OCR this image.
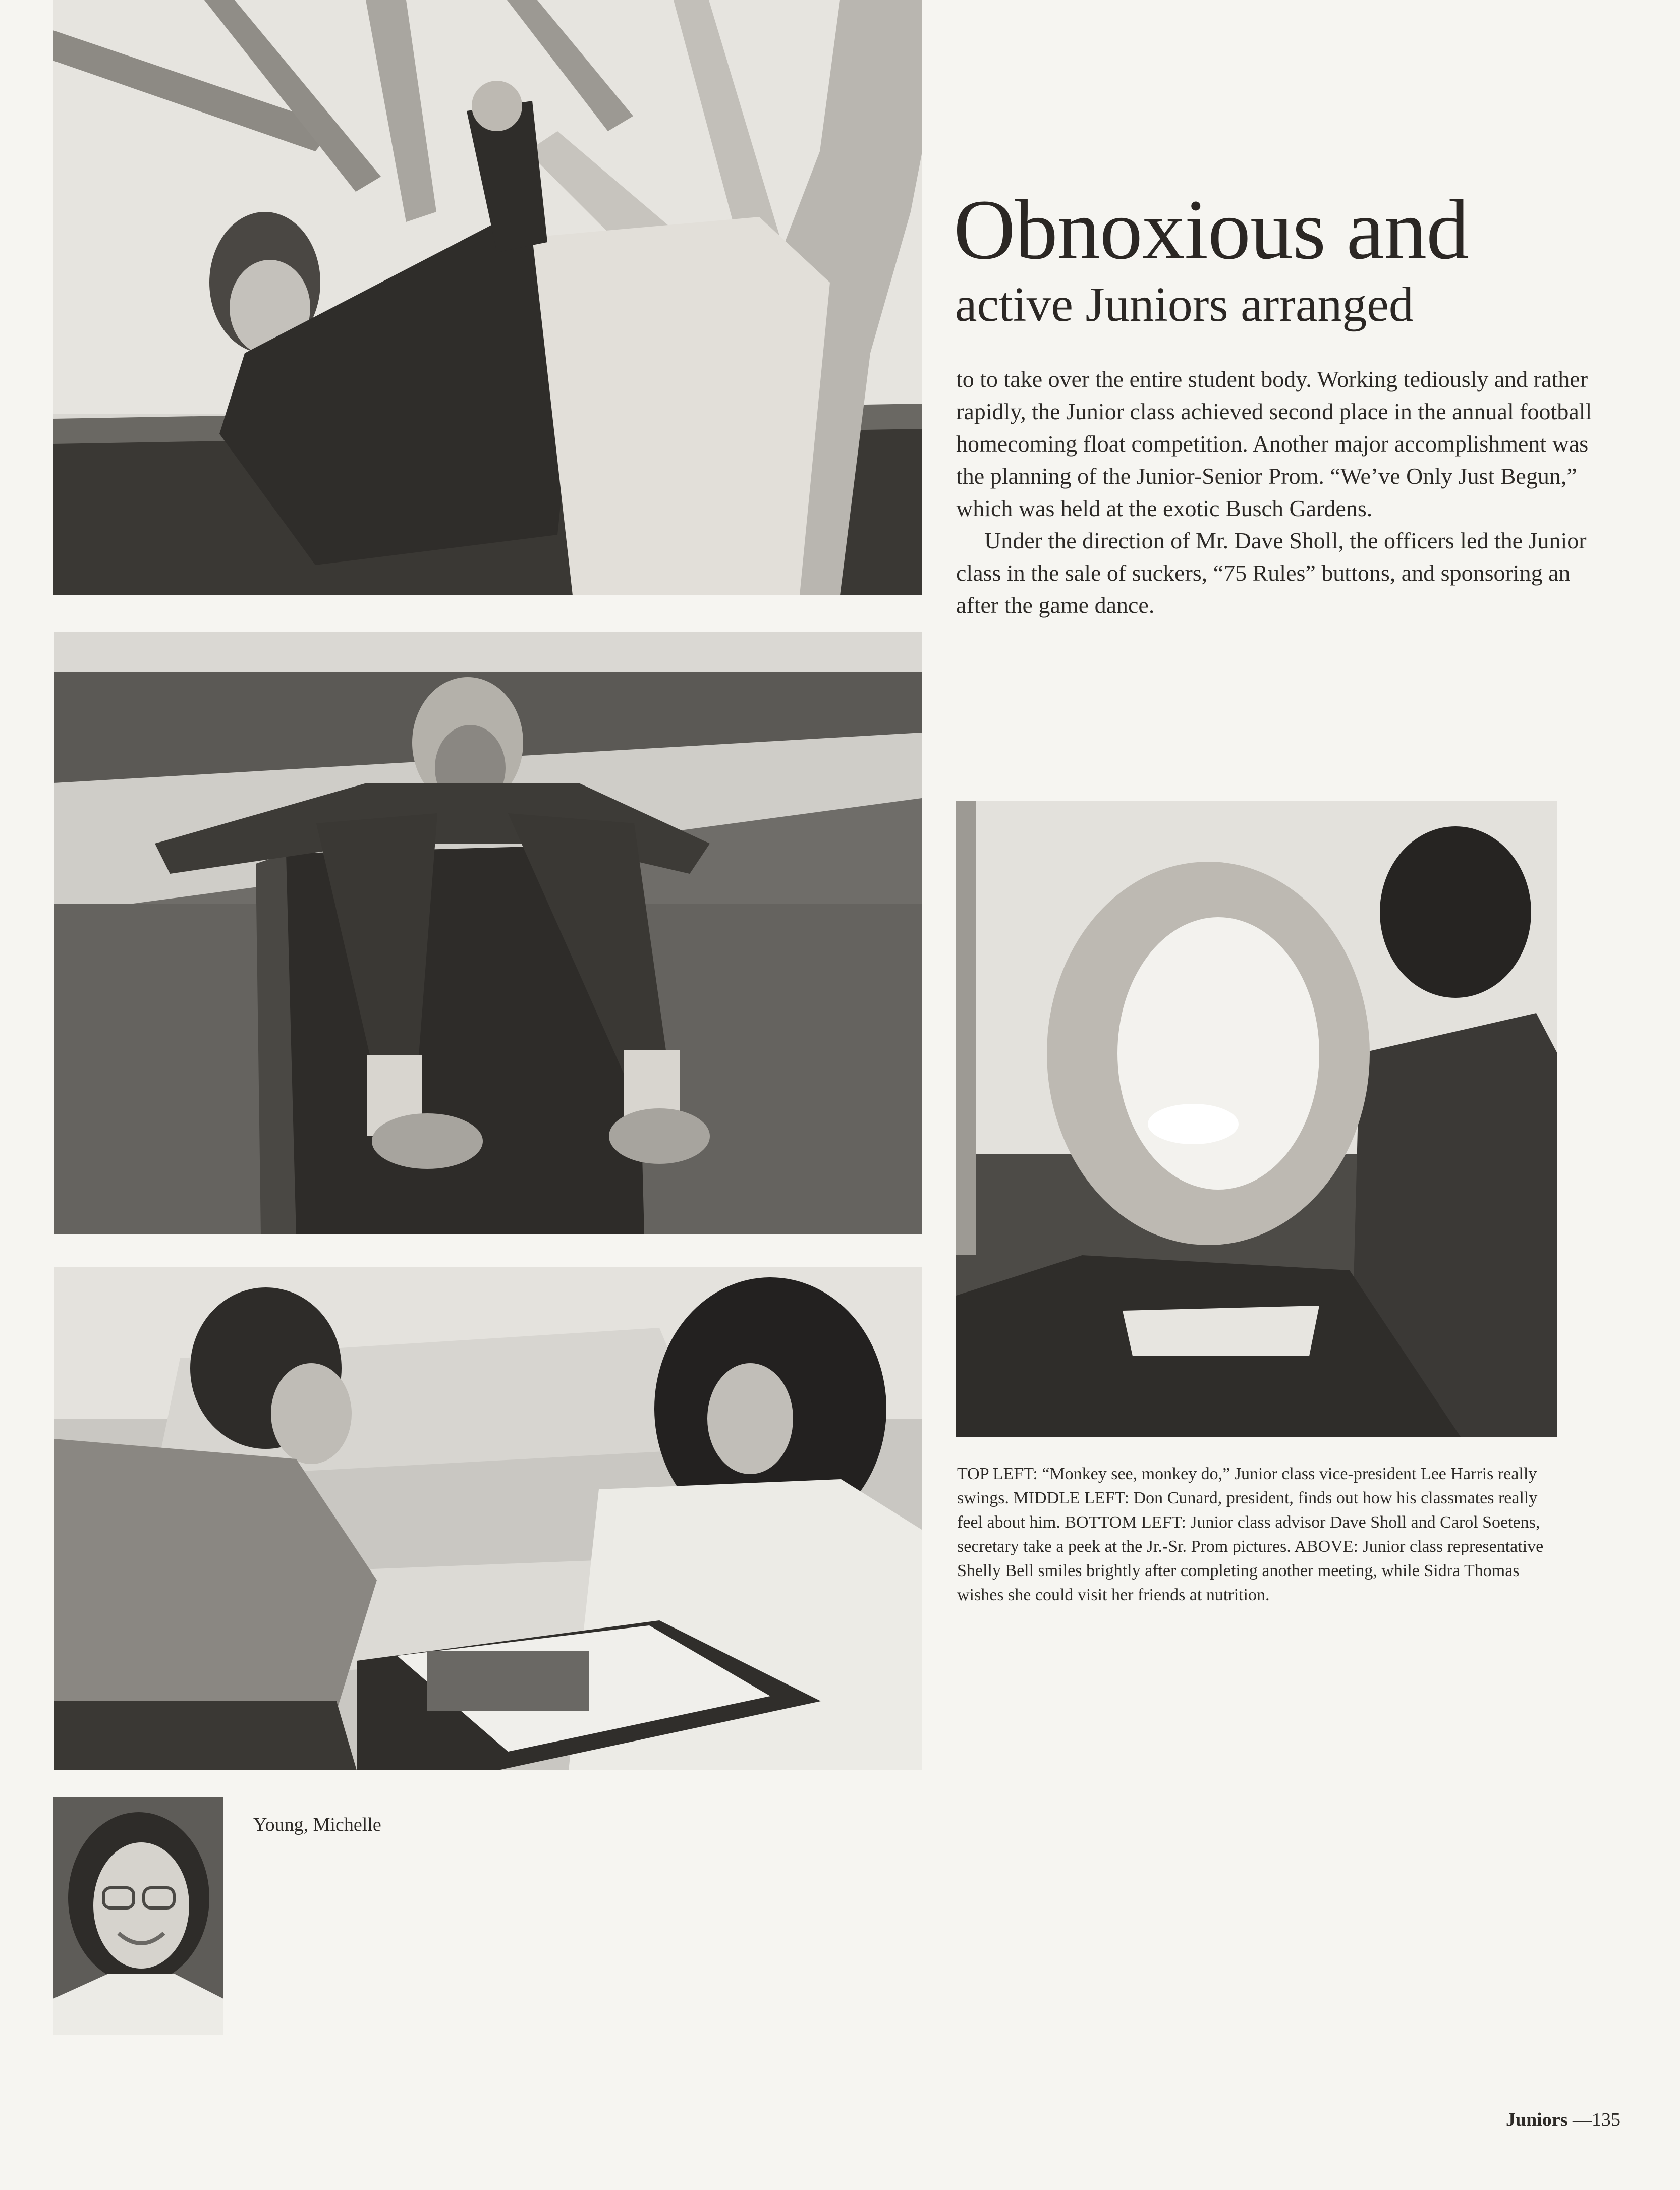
Obnoxious and
active Juniors arranged

to to take over the entire student body. Working tediously and rather rapidly, the Junior class achieved second place in the annual football homecoming float competition. Another major accomplishment was the planning of the Junior-Senior Prom. “We’ve Only Just Begun,” which was held at the exotic Busch Gardens.

Under the direction of Mr. Dave Sholl, the officers led the Junior class in the sale of suckers, “75 Rules” buttons, and sponsoring an after the game dance.

TOP LEFT: “Monkey see, monkey do,” Junior class vice-president Lee Harris really swings. MIDDLE LEFT: Don Cunard, president, finds out how his classmates really feel about him. BOTTOM LEFT: Junior class advisor Dave Sholl and Carol Soetens, secretary take a peek at the Jr.-Sr. Prom pictures. ABOVE: Junior class representative Shelly Bell smiles brightly after completing another meeting, while Sidra Thomas wishes she could visit her friends at nutrition.
Young, Michelle
Juniors —135
